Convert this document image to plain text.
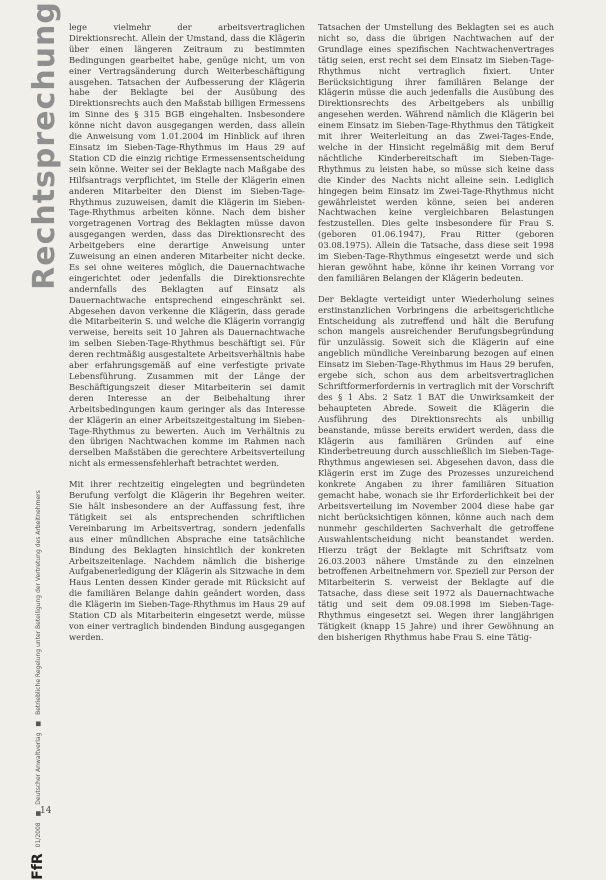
Rechtsprechung
FfR
01/2008
■
Deutscher Anwaltverlag
■
Betriebliche Regelung unter Beteiligung der Vertretung des Arbeitnehmers
14

lege vielmehr der arbeitsvertraglichen Direktionsrecht. Allein der Umstand, dass die Klägerin über einen längeren Zeitraum zu bestimmten Bedingungen gearbeitet habe, genüge nicht, um von einer Vertragsänderung durch Weiterbeschäftigung ausgehen. Tatsachen der Aufbesserung der Klägerin habe der Beklagte bei der Ausübung des Direktionsrechts auch den Maßstab billigen Ermessens im Sinne des § 315 BGB eingehalten. Insbesondere könne nicht davon ausgegangen werden, dass allein die Anweisung vom 1.01.2004 im Hinblick auf ihren Einsatz im Sieben-Tage-Rhythmus im Haus 29 auf Station CD die einzig richtige Ermessensentscheidung sein könne. Weiter sei der Beklagte nach Maßgabe des Hilfsantrags verpflichtet, im Stelle der Klägerin einen anderen Mitarbeiter den Dienst im Sieben-Tage-Rhythmus zuzuweisen, damit die Klägerin im Sieben-Tage-Rhythmus arbeiten könne. Nach dem bisher vorgetragenen Vortrag des Beklagten müsse davon ausgegangen werden, dass das Direktionsrecht des Arbeitgebers eine derartige Anweisung unter Zuweisung an einen anderen Mitarbeiter nicht decke. Es sei ohne weiteres möglich, die Dauernachtwache eingerichtet oder jedenfalls die Direktionsrechte andernfalls des Beklagten auf Einsatz als Dauernachtwache entsprechend eingeschränkt sei. Abgesehen davon verkenne die Klägerin, dass gerade die Mitarbeiterin S. und welche die Klägerin vorrangig verweise, bereits seit 10 Jahren als Dauernachtwache im selben Sieben-Tage-Rhythmus beschäftigt sei. Für deren rechtmäßig ausgestaltete Arbeitsverhältnis habe aber erfahrungsgemäß auf eine verfestigte private Lebensführung. Zusammen mit der Länge der Beschäftigungszeit dieser Mitarbeiterin sei damit deren Interesse an der Beibehaltung ihrer Arbeitsbedingungen kaum geringer als das Interesse der Klägerin an einer Arbeitszeitgestaltung im Sieben-Tage-Rhythmus zu bewerten. Auch im Verhältnis zu den übrigen Nachtwachen komme im Rahmen nach derselben Maßstäben die gerechtere Arbeitsverteilung nicht als ermessensfehlerhaft betrachtet werden.

Mit ihrer rechtzeitig eingelegten und begründeten Berufung verfolgt die Klägerin ihr Begehren weiter. Sie hält insbesondere an der Auffassung fest, ihre Tätigkeit sei als entsprechenden schriftlichen Vereinbarung im Arbeitsvertrag, sondern jedenfalls aus einer mündlichen Absprache eine tatsächliche Bindung des Beklagten hinsichtlich der konkreten Arbeitszeitenlage. Nachdem nämlich die bisherige Aufgabenerledigung der Klägerin als Sitzwache in dem Haus Lenten dessen Kinder gerade mit Rücksicht auf die familiären Belange dahin geändert worden, dass die Klägerin im Sieben-Tage-Rhythmus im Haus 29 auf Station CD als Mitarbeiterin eingesetzt werde, müsse von einer vertraglich bindenden Bindung ausgegangen werden.

Tatsachen der Umstellung des Beklagten sei es auch nicht so, dass die übrigen Nachtwachen auf der Grundlage eines spezifischen Nachtwachenvertrages tätig seien, erst recht sei dem Einsatz im Sieben-Tage-Rhythmus nicht vertraglich fixiert. Unter Berücksichtigung ihrer familiären Belange der Klägerin müsse die auch jedenfalls die Ausübung des Direktionsrechts des Arbeitgebers als unbillig angesehen werden. Während nämlich die Klägerin bei einem Einsatz im Sieben-Tage-Rhythmus den Tätigkeit mit ihrer Weiterleitung an das Zwei-Tages-Ende, welche in der Hinsicht regelmäßig mit dem Beruf nächtliche Kinderbereitschaft im Sieben-Tage-Rhythmus zu leisten habe, so müsse sich keine dass die Kinder des Nachts nicht alleine sein. Lediglich hingegen beim Einsatz im Zwei-Tage-Rhythmus nicht gewährleistet werden könne, seien bei anderen Nachtwachen keine vergleichbaren Belastungen festzustellen. Dies gelte insbesondere für Frau S. (geboren 01.06.1947), Frau Ritter (geboren 03.08.1975). Allein die Tatsache, dass diese seit 1998 im Sieben-Tage-Rhythmus eingesetzt werde und sich hieran gewöhnt habe, könne ihr keinen Vorrang vor den familiären Belangen der Klägerin bedeuten.

Der Beklagte verteidigt unter Wiederholung seines erstinstanzlichen Vorbringens die arbeitsgerichtliche Entscheidung als zutreffend und hält die Berufung schon mangels ausreichender Berufungsbegründung für unzulässig. Soweit sich die Klägerin auf eine angeblich mündliche Vereinbarung bezogen auf einen Einsatz im Sieben-Tage-Rhythmus im Haus 29 berufen, ergebe sich, schon aus dem arbeitsvertraglichen Schriftformerfordernis in vertraglich mit der Vorschrift des § 1 Abs. 2 Satz 1 BAT die Unwirksamkeit der behaupteten Abrede. Soweit die Klägerin die Ausführung des Direktionsrechts als unbillig beanstande, müsse bereits erwidert werden, dass die Klägerin aus familiären Gründen auf eine Kinderbetreuung durch ausschließlich im Sieben-Tage-Rhythmus angewiesen sei. Abgesehen davon, dass die Klägerin erst im Zuge des Prozesses unzureichend konkrete Angaben zu ihrer familiären Situation gemacht habe, wonach sie ihr Erforderlichkeit bei der Arbeitsverteilung im November 2004 diese habe gar nicht berücksichtigen können, könne auch nach dem nunmehr geschilderten Sachverhalt die getroffene Auswahlentscheidung nicht beanstandet werden. Hierzu trägt der Beklagte mit Schriftsatz vom 26.03.2003 nähere Umstände zu den einzelnen betroffenen Arbeitnehmern vor. Speziell zur Person der Mitarbeiterin S. verweist der Beklagte auf die Tatsache, dass diese seit 1972 als Dauernachtwache tätig und seit dem 09.08.1998 im Sieben-Tage-Rhythmus eingesetzt sei. Wegen ihrer langjährigen Tätigkeit (knapp 15 Jahre) und ihrer Gewöhnung an den bisherigen Rhythmus habe Frau S. eine Tätig-
